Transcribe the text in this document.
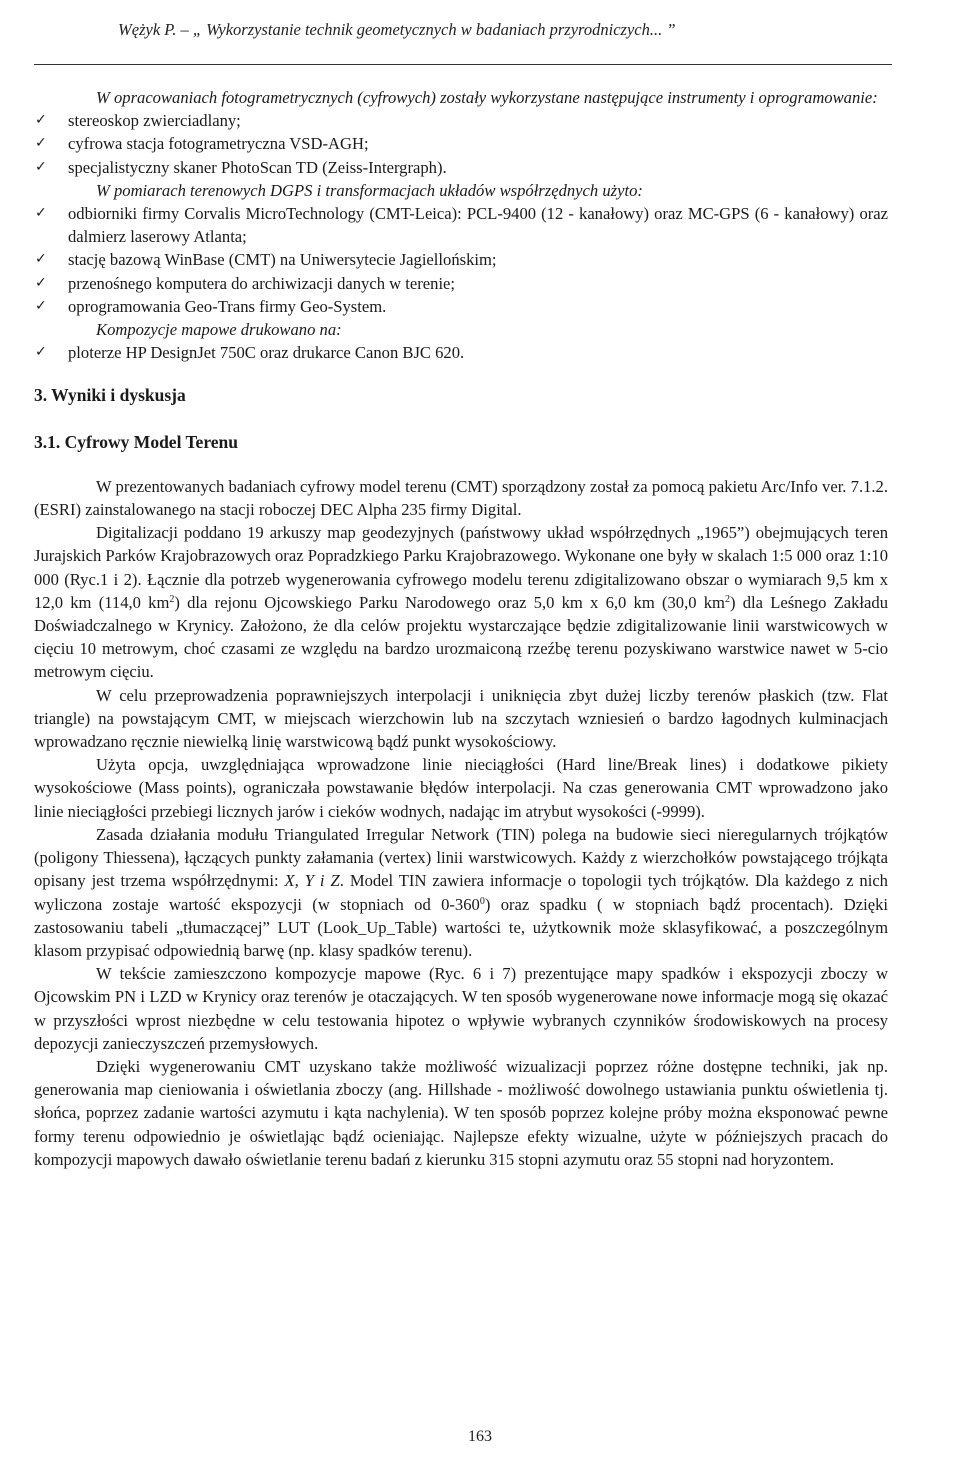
Wężyk P. – „ Wykorzystanie technik geometycznych w badaniach przyrodniczych... ”

W opracowaniach fotogrametrycznych (cyfrowych) zostały wykorzystane następujące instrumenty i oprogramowanie:

✓ stereoskop zwierciadlany;

✓ cyfrowa stacja fotogrametryczna VSD-AGH;

✓ specjalistyczny skaner PhotoScan TD (Zeiss-Intergraph).

W pomiarach terenowych DGPS i transformacjach układów współrzędnych użyto:

✓ odbiorniki firmy Corvalis MicroTechnology (CMT-Leica): PCL-9400 (12 - kanałowy) oraz MC-GPS (6 - kanałowy) oraz dalmierz laserowy Atlanta;

✓ stację bazową WinBase (CMT) na Uniwersytecie Jagiellońskim;

✓ przenośnego komputera do archiwizacji danych w terenie;

✓ oprogramowania Geo-Trans firmy Geo-System.

Kompozycje mapowe drukowano na:

✓ ploterze HP DesignJet 750C oraz drukarce Canon BJC 620.

3. Wyniki i dyskusja
3.1. Cyfrowy Model Terenu

W prezentowanych badaniach cyfrowy model terenu (CMT) sporządzony został za pomocą pakietu Arc/Info ver. 7.1.2. (ESRI) zainstalowanego na stacji roboczej DEC Alpha 235 firmy Digital.

Digitalizacji poddano 19 arkuszy map geodezyjnych (państwowy układ współrzędnych „1965”) obejmujących teren Jurajskich Parków Krajobrazowych oraz Popradzkiego Parku Krajobrazowego. Wykonane one były w skalach 1:5 000 oraz 1:10 000 (Ryc.1 i 2). Łącznie dla potrzeb wygenerowania cyfrowego modelu terenu zdigitalizowano obszar o wymiarach 9,5 km x 12,0 km (114,0 $km^2$) dla rejonu Ojcowskiego Parku Narodowego oraz 5,0 km x 6,0 km (30,0 $km^2$) dla Leśnego Zakładu Doświadczalnego w Krynicy. Założono, że dla celów projektu wystarczające będzie zdigitalizowanie linii warstwicowych w cięciu 10 metrowym, choć czasami ze względu na bardzo urozmaiconą rzeźbę terenu pozyskiwano warstwice nawet w 5-cio metrowym cięciu.

W celu przeprowadzenia poprawniejszych interpolacji i uniknięcia zbyt dużej liczby terenów płaskich (tzw. Flat triangle) na powstającym CMT, w miejscach wierzchowin lub na szczytach wzniesień o bardzo łagodnych kulminacjach wprowadzano ręcznie niewielką linię warstwicową bądź punkt wysokościowy.

Użyta opcja, uwzględniająca wprowadzone linie nieciągłości (Hard line/Break lines) i dodatkowe pikiety wysokościowe (Mass points), ograniczała powstawanie błędów interpolacji. Na czas generowania CMT wprowadzono jako linie nieciągłości przebiegi licznych jarów i cieków wodnych, nadając im atrybut wysokości (-9999).

Zasada działania modułu Triangulated Irregular Network (TIN) polega na budowie sieci nieregularnych trójkątów (poligony Thiessena), łączących punkty załamania (vertex) linii warstwicowych. Każdy z wierzchołków powstającego trójkąta opisany jest trzema współrzędnymi: X, Y i Z. Model TIN zawiera informacje o topologii tych trójkątów. Dla każdego z nich wyliczona zostaje wartość ekspozycji (w stopniach od $0-360^0$) oraz spadku ( w stopniach bądź procentach). Dzięki zastosowaniu tabeli „tłumaczącej” LUT (Look_Up_Table) wartości te, użytkownik może sklasyfikować, a poszczególnym klasom przypisać odpowiednią barwę (np. klasy spadków terenu).

W tekście zamieszczono kompozycje mapowe (Ryc. 6 i 7) prezentujące mapy spadków i ekspozycji zboczy w Ojcowskim PN i LZD w Krynicy oraz terenów je otaczających. W ten sposób wygenerowane nowe informacje mogą się okazać w przyszłości wprost niezbędne w celu testowania hipotez o wpływie wybranych czynników środowiskowych na procesy depozycji zanieczyszczeń przemysłowych.

Dzięki wygenerowaniu CMT uzyskano także możliwość wizualizacji poprzez różne dostępne techniki, jak np. generowania map cieniowania i oświetlania zboczy (ang. Hillshade - możliwość dowolnego ustawiania punktu oświetlenia tj. słońca, poprzez zadanie wartości azymutu i kąta nachylenia). W ten sposób poprzez kolejne próby można eksponować pewne formy terenu odpowiednio je oświetlając bądź ocieniając. Najlepsze efekty wizualne, użyte w późniejszych pracach do kompozycji mapowych dawało oświetlanie terenu badań z kierunku 315 stopni azymutu oraz 55 stopni nad horyzontem.

163
